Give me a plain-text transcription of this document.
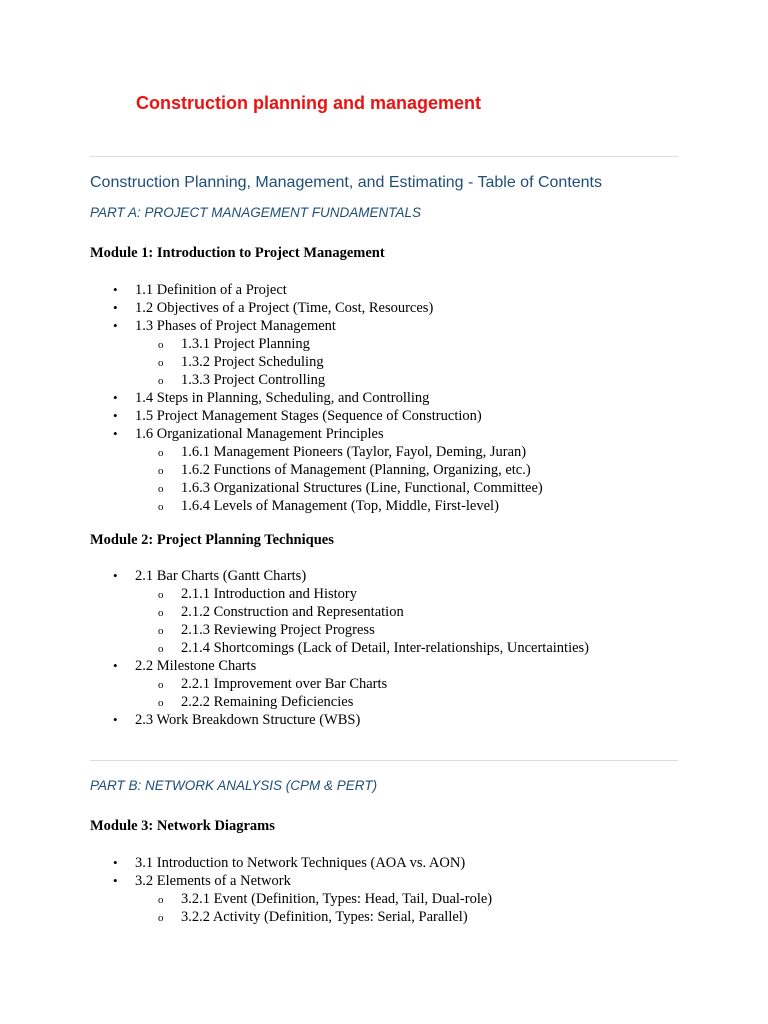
Construction planning and management
Construction Planning, Management, and Estimating - Table of Contents
PART A: PROJECT MANAGEMENT FUNDAMENTALS
Module 1: Introduction to Project Management
• 1.1 Definition of a Project
• 1.2 Objectives of a Project (Time, Cost, Resources)
• 1.3 Phases of Project Management
o 1.3.1 Project Planning
o 1.3.2 Project Scheduling
o 1.3.3 Project Controlling
• 1.4 Steps in Planning, Scheduling, and Controlling
• 1.5 Project Management Stages (Sequence of Construction)
• 1.6 Organizational Management Principles
o 1.6.1 Management Pioneers (Taylor, Fayol, Deming, Juran)
o 1.6.2 Functions of Management (Planning, Organizing, etc.)
o 1.6.3 Organizational Structures (Line, Functional, Committee)
o 1.6.4 Levels of Management (Top, Middle, First-level)
Module 2: Project Planning Techniques
• 2.1 Bar Charts (Gantt Charts)
o 2.1.1 Introduction and History
o 2.1.2 Construction and Representation
o 2.1.3 Reviewing Project Progress
o 2.1.4 Shortcomings (Lack of Detail, Inter-relationships, Uncertainties)
• 2.2 Milestone Charts
o 2.2.1 Improvement over Bar Charts
o 2.2.2 Remaining Deficiencies
• 2.3 Work Breakdown Structure (WBS)
PART B: NETWORK ANALYSIS (CPM & PERT)
Module 3: Network Diagrams
• 3.1 Introduction to Network Techniques (AOA vs. AON)
• 3.2 Elements of a Network
o 3.2.1 Event (Definition, Types: Head, Tail, Dual-role)
o 3.2.2 Activity (Definition, Types: Serial, Parallel)
